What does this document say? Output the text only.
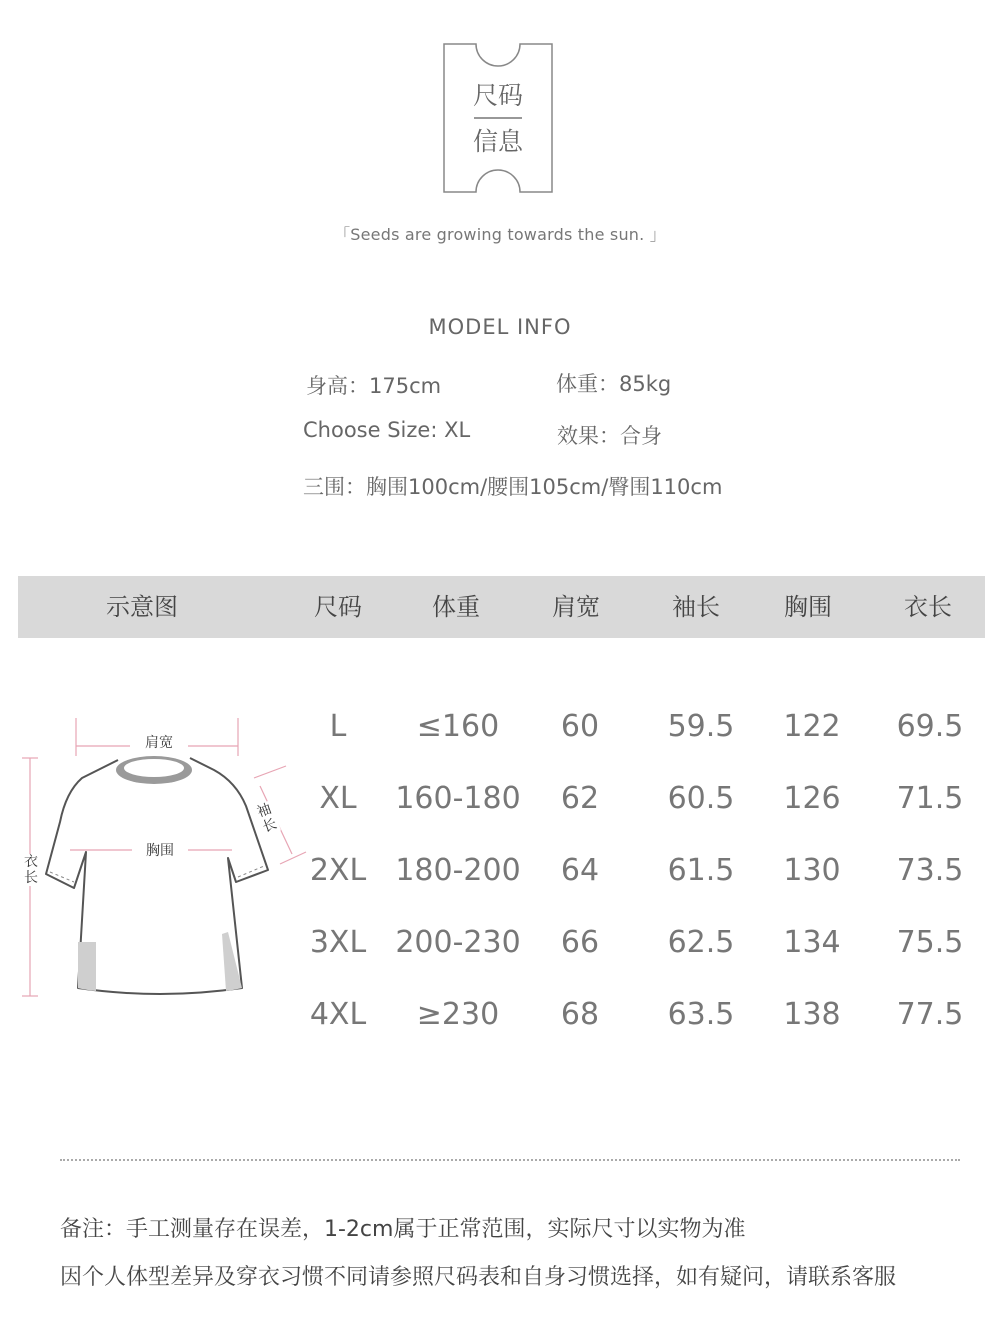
尺码
信息
「Seeds are growing towards the sun. 」
MODEL INFO
身高：175cm	体重：85kg
Choose Size: XL	效果：合身
三围：胸围100cm/腰围105cm/臀围110cm
示意图	尺码	体重	肩宽	袖长	胸围	衣长
肩宽
胸围
袖长
衣长
L	≤160	60	59.5	122	69.5
XL	160-180	62	60.5	126	71.5
2XL 180-200	64	61.5	130	73.5
3XL 200-230	66	62.5	134	75.5
4XL	≥230	68	63.5	138	77.5
备注：手工测量存在误差，1-2cm属于正常范围，实际尺寸以实物为准
因个人体型差异及穿衣习惯不同请参照尺码表和自身习惯选择，如有疑问，请联系客服
